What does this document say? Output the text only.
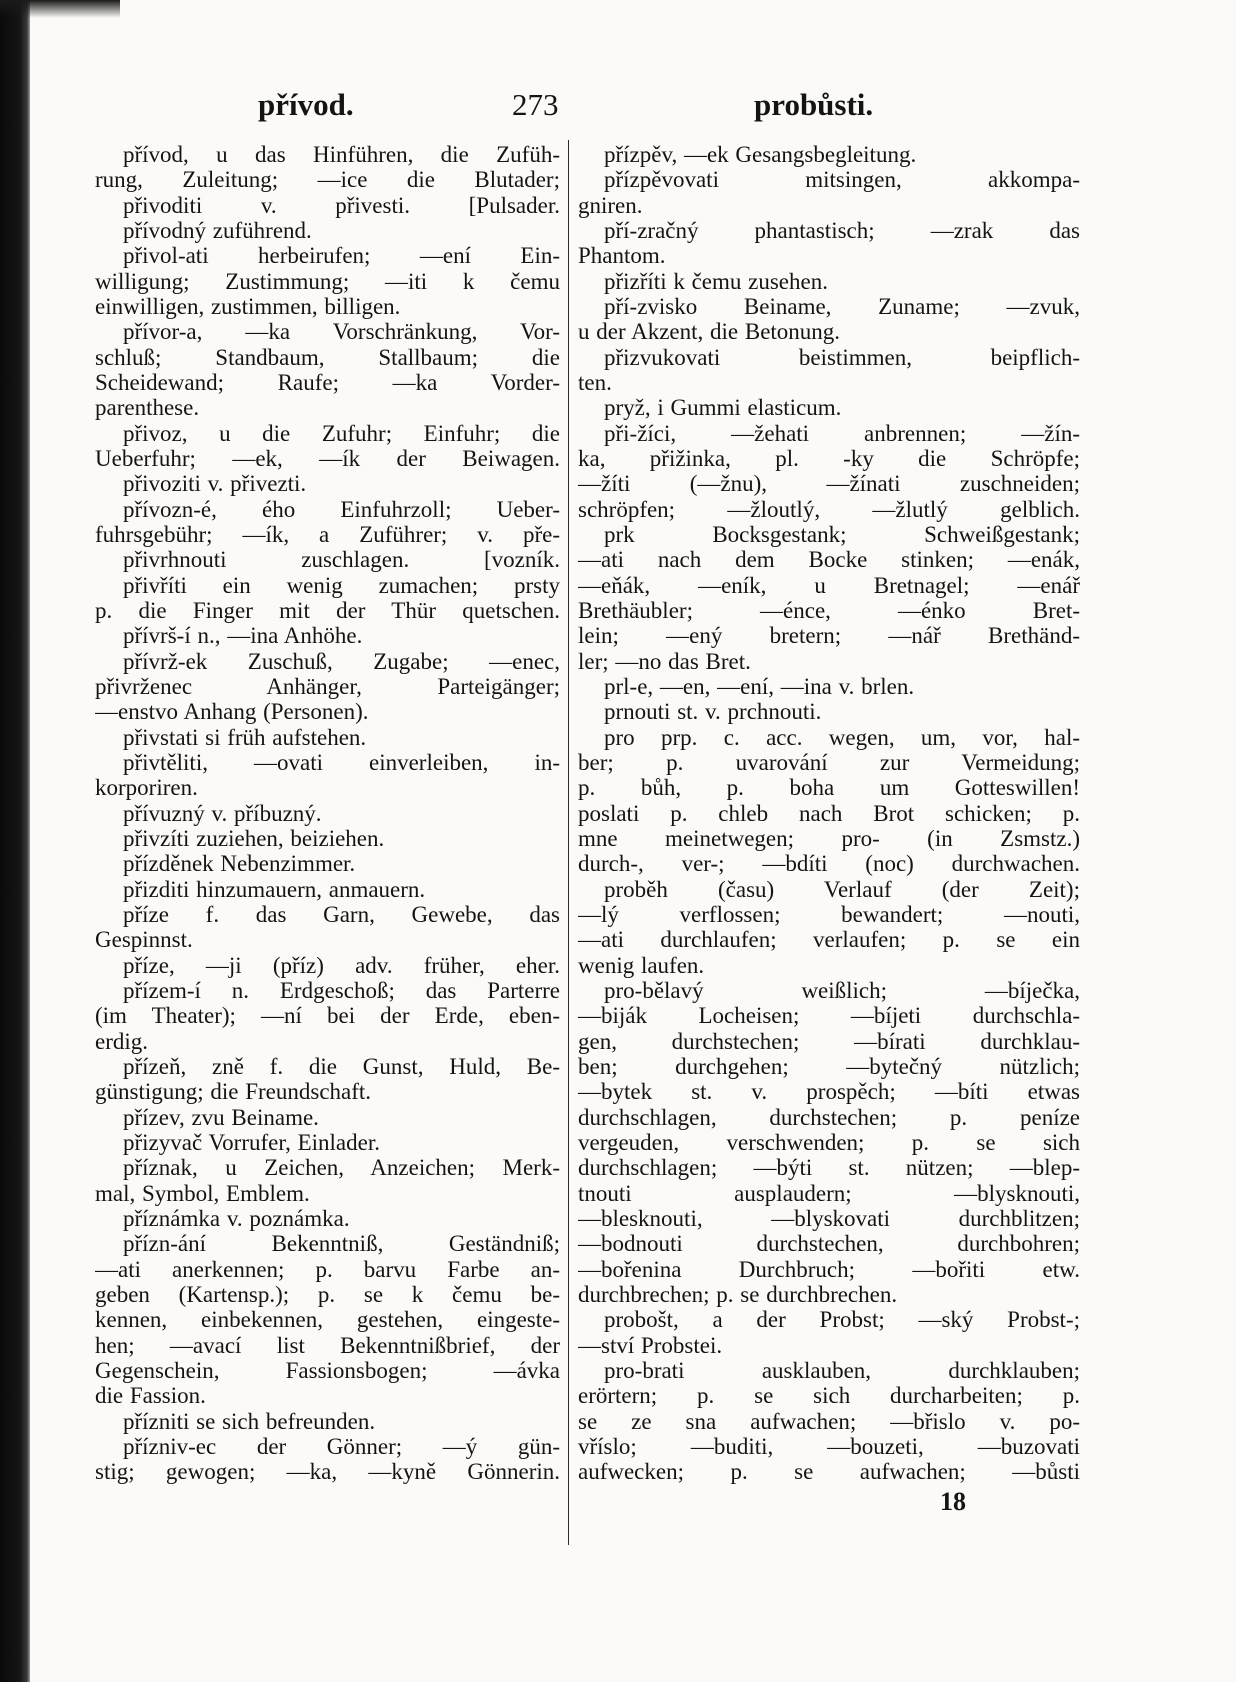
přívod.	273	probůsti.
přívod, u das Hinführen, die Zufüh-
rung, Zuleitung; —ice die Blutader;
přivoditi v. přivesti. [Pulsader.
přívodný zuführend.
přivol-ati herbeirufen; —ení Ein-
willigung; Zustimmung; —iti k čemu
einwilligen, zustimmen, billigen.
přívor-a, —ka Vorschränkung, Vor-
schluß; Standbaum, Stallbaum; die
Scheidewand; Raufe; —ka Vorder-
parenthese.
přivoz, u die Zufuhr; Einfuhr; die
Ueberfuhr; —ek, —ík der Beiwagen.
přivoziti v. přivezti.
přívozn-é, ého Einfuhrzoll; Ueber-
fuhrsgebühr; —ík, a Zuführer; v. pře-
přivrhnouti zuschlagen. [vozník.
přivříti ein wenig zumachen; prsty
p. die Finger mit der Thür quetschen.
přívrš-í n., —ina Anhöhe.
přívrž-ek Zuschuß, Zugabe; —enec,
přivrženec Anhänger, Parteigänger;
—enstvo Anhang (Personen).
přivstati si früh aufstehen.
přivtěliti, —ovati einverleiben, in-
korporiren.
přívuzný v. příbuzný.
přivzíti zuziehen, beiziehen.
přízděnek Nebenzimmer.
přizditi hinzumauern, anmauern.
příze f. das Garn, Gewebe, das
Gespinnst.
příze, —ji (příz) adv. früher, eher.
přízem-í n. Erdgeschoß; das Parterre
(im Theater); —ní bei der Erde, eben-
erdig.
přízeň, zně f. die Gunst, Huld, Be-
günstigung; die Freundschaft.
přízev, zvu Beiname.
přizyvač Vorrufer, Einlader.
příznak, u Zeichen, Anzeichen; Merk-
mal, Symbol, Emblem.
příznámka v. poznámka.
přízn-ání Bekenntniß, Geständniß;
—ati anerkennen; p. barvu Farbe an-
geben (Kartensp.); p. se k čemu be-
kennen, einbekennen, gestehen, eingeste-
hen; —avací list Bekenntnißbrief, der
Gegenschein, Fassionsbogen; —ávka
die Fassion.
přízniti se sich befreunden.
přízniv-ec der Gönner; —ý gün-
stig; gewogen; —ka, —kyně Gönnerin.
přízpěv, —ek Gesangsbegleitung.
přízpěvovati mitsingen, akkompa-
gniren.
pří-zračný phantastisch; —zrak das
Phantom.
přizříti k čemu zusehen.
pří-zvisko Beiname, Zuname; —zvuk,
u der Akzent, die Betonung.
přizvukovati beistimmen, beipflich-
ten.
pryž, i Gummi elasticum.
při-žíci, —žehati anbrennen; —žín-
ka, přižinka, pl. -ky die Schröpfe;
—žíti (—žnu), —žínati zuschneiden;
schröpfen; —žloutlý, —žlutlý gelblich.
prk Bocksgestank; Schweißgestank;
—ati nach dem Bocke stinken; —enák,
—eňák, —eník, u Bretnagel; —enář
Brethäubler; —énce, —énko Bret-
lein; —ený bretern; —nář Brethänd-
ler; —no das Bret.
prl-e, —en, —ení, —ina v. brlen.
prnouti st. v. prchnouti.
pro prp. c. acc. wegen, um, vor, hal-
ber; p. uvarování zur Vermeidung;
p. bůh, p. boha um Gotteswillen!
poslati p. chleb nach Brot schicken; p.
mne meinetwegen; pro- (in Zsmstz.)
durch-, ver-; —bdíti (noc) durchwachen.
proběh (času) Verlauf (der Zeit);
—lý verflossen; bewandert; —nouti,
—ati durchlaufen; verlaufen; p. se ein
wenig laufen.
pro-bělavý weißlich; —bíječka,
—biják Locheisen; —bíjeti durchschla-
gen, durchstechen; —bírati durchklau-
ben; durchgehen; —bytečný nützlich;
—bytek st. v. prospěch; —bíti etwas
durchschlagen, durchstechen; p. peníze
vergeuden, verschwenden; p. se sich
durchschlagen; —býti st. nützen; —blep-
tnouti ausplaudern; —blysknouti,
—blesknouti, —blyskovati durchblitzen;
—bodnouti durchstechen, durchbohren;
—bořenina Durchbruch; —bořiti etw.
durchbrechen; p. se durchbrechen.
probošt, a der Probst; —ský Probst-;
—ství Probstei.
pro-brati ausklauben, durchklauben;
erörtern; p. se sich durcharbeiten; p.
se ze sna aufwachen; —břislo v. po-
vříslo; —buditi, —bouzeti, —buzovati
aufwecken; p. se aufwachen; —bůsti
18
